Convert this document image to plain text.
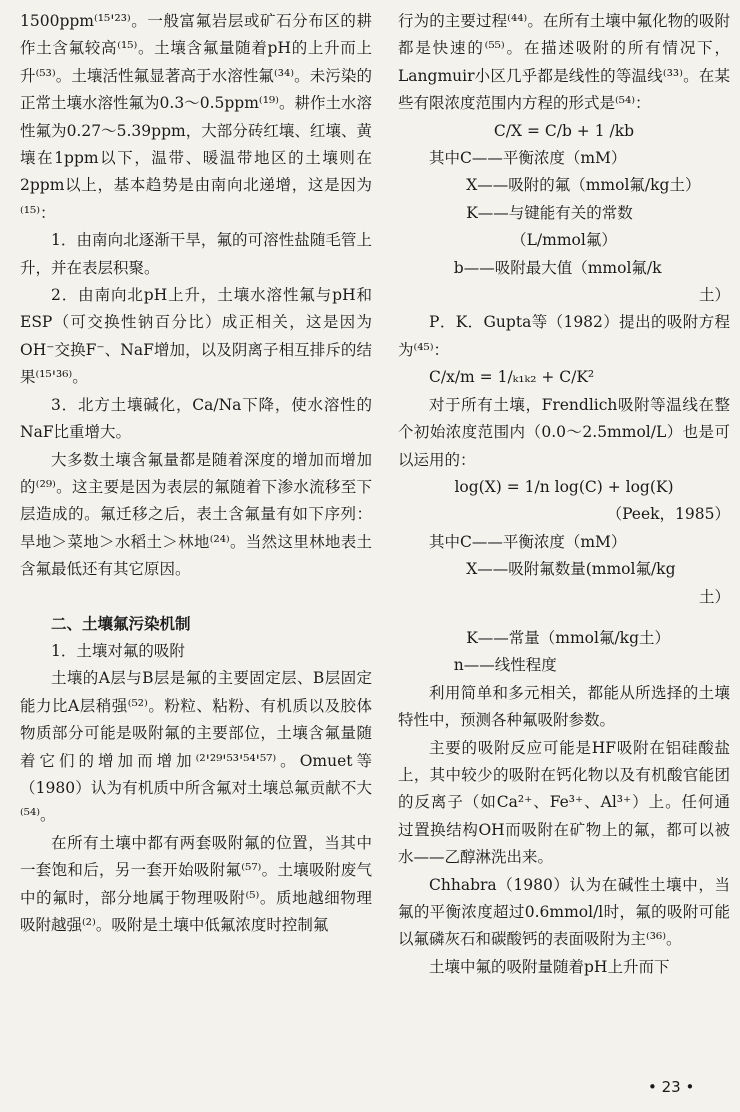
1500ppm⁽¹⁵'²³⁾。一般富氟岩层或矿石分布区的耕作土含氟较高⁽¹⁵⁾。土壤含氟量随着pH的上升而上升⁽⁵³⁾。土壤活性氟显著高于水溶性氟⁽³⁴⁾。未污染的正常土壤水溶性氟为0.3～0.5ppm⁽¹⁹⁾。耕作土水溶性氟为0.27～5.39ppm，大部分砖红壤、红壤、黄壤在1ppm以下，温带、暖温带地区的土壤则在2ppm以上，基本趋势是由南向北递增，这是因为⁽¹⁵⁾：

1．由南向北逐渐干旱，氟的可溶性盐随毛管上升，并在表层积聚。

2．由南向北pH上升，土壤水溶性氟与pH和ESP（可交换性钠百分比）成正相关，这是因为OH⁻交换F⁻、NaF增加，以及阴离子相互排斥的结果⁽¹⁵'³⁶⁾。

3．北方土壤碱化，Ca/Na下降，使水溶性的NaF比重增大。

大多数土壤含氟量都是随着深度的增加而增加的⁽²⁹⁾。这主要是因为表层的氟随着下渗水流移至下层造成的。氟迁移之后，表土含氟量有如下序列：旱地＞菜地＞水稻土＞林地⁽²⁴⁾。当然这里林地表土含氟最低还有其它原因。

二、土壤氟污染机制

1．土壤对氟的吸附

土壤的A层与B层是氟的主要固定层、B层固定能力比A层稍强⁽⁵²⁾。粉粒、粘粉、有机质以及胶体物质部分可能是吸附氟的主要部位，土壤含氟量随着它们的增加而增加⁽²'²⁹'⁵³'⁵⁴'⁵⁷⁾。Omuet等（1980）认为有机质中所含氟对土壤总氟贡献不大⁽⁵⁴⁾。

在所有土壤中都有两套吸附氟的位置，当其中一套饱和后，另一套开始吸附氟⁽⁵⁷⁾。土壤吸附废气中的氟时，部分地属于物理吸附⁽⁵⁾。质地越细物理吸附越强⁽²⁾。吸附是土壤中低氟浓度时控制氟

行为的主要过程⁽⁴⁴⁾。在所有土壤中氟化物的吸附都是快速的⁽⁵⁵⁾。在描述吸附的所有情况下，Langmuir小区几乎都是线性的等温线⁽³³⁾。在某些有限浓度范围内方程的形式是⁽⁵⁴⁾：

C/X = C/b + 1 /kb

其中C——平衡浓度（mM）

X——吸附的氟（mmol氟/kg土）

K——与键能有关的常数

（L/mmol氟）

b——吸附最大值（mmol氟/k

土）

P．K．Gupta等（1982）提出的吸附方程为⁽⁴⁵⁾：

C/x/m = 1/ₖ₁ₖ₂ + C/K²

对于所有土壤，Frendlich吸附等温线在整个初始浓度范围内（0.0～2.5mmol/L）也是可以运用的：

log(X) = 1/n log(C) + log(K)

（Peek，1985）

其中C——平衡浓度（mM）

X——吸附氟数量(mmol氟/kg

土）

K——常量（mmol氟/kg土）

n——线性程度

利用简单和多元相关，都能从所选择的土壤特性中，预测各种氟吸附参数。

主要的吸附反应可能是HF吸附在铝硅酸盐上，其中较少的吸附在钙化物以及有机酸官能团的反离子（如Ca²⁺、Fe³⁺、Al³⁺）上。任何通过置换结构OH而吸附在矿物上的氟，都可以被水——乙醇淋洗出来。

Chhabra（1980）认为在碱性土壤中，当氟的平衡浓度超过0.6mmol/l时，氟的吸附可能以氟磷灰石和碳酸钙的表面吸附为主⁽³⁶⁾。

土壤中氟的吸附量随着pH上升而下

• 23 •
